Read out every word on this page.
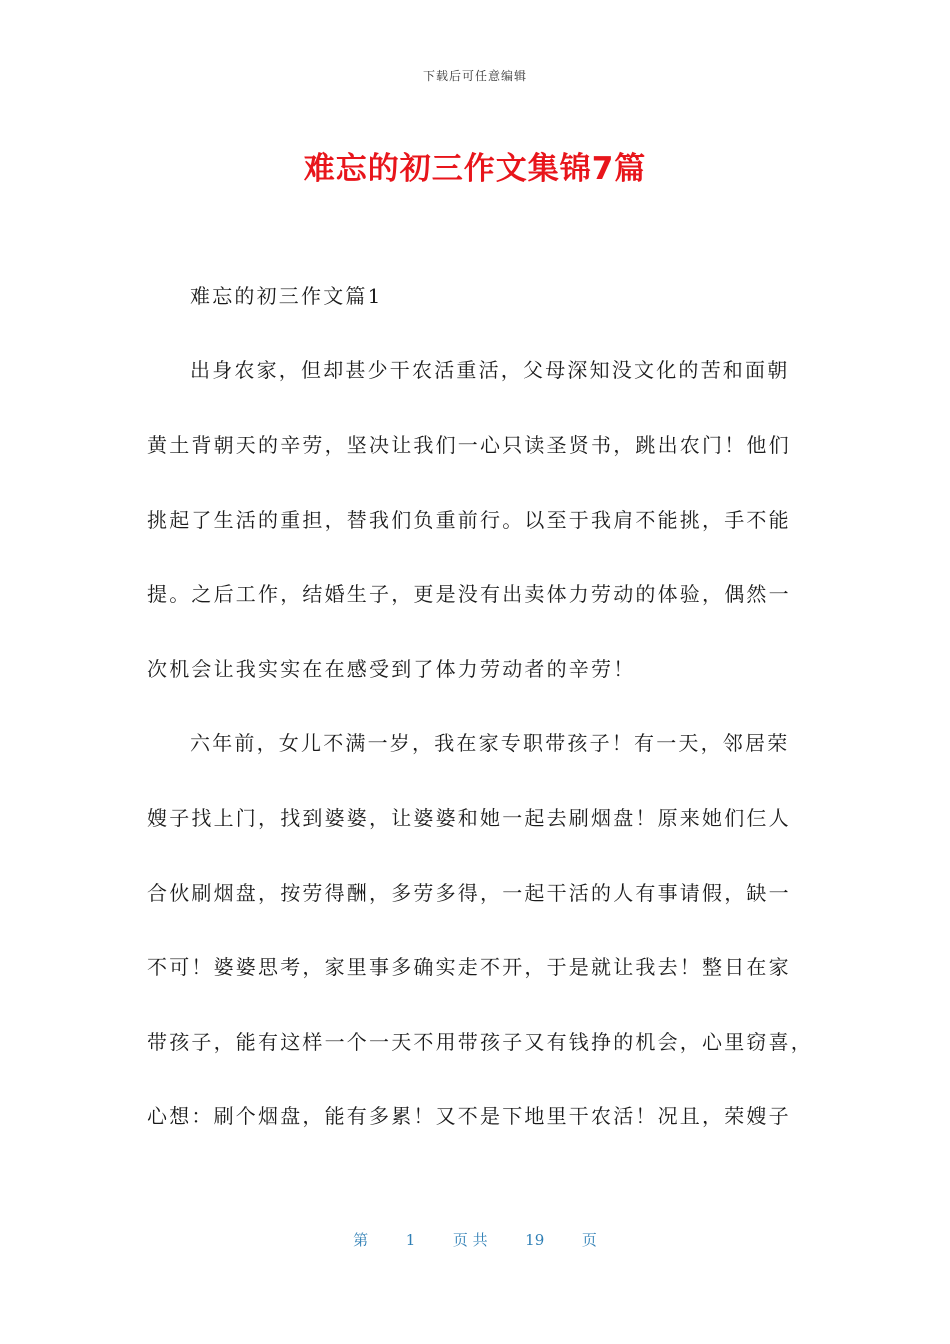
下载后可任意编辑
难忘的初三作文集锦7篇
难忘的初三作文篇1
出身农家，但却甚少干农活重活，父母深知没文化的苦和面朝
黄土背朝天的辛劳，坚决让我们一心只读圣贤书，跳出农门！他们
挑起了生活的重担，替我们负重前行。以至于我肩不能挑，手不能
提。之后工作，结婚生子，更是没有出卖体力劳动的体验，偶然一
次机会让我实实在在感受到了体力劳动者的辛劳！
六年前，女儿不满一岁，我在家专职带孩子！有一天，邻居荣
嫂子找上门，找到婆婆，让婆婆和她一起去刷烟盘！原来她们仨人
合伙刷烟盘，按劳得酬，多劳多得，一起干活的人有事请假，缺一
不可！婆婆思考，家里事多确实走不开，于是就让我去！整日在家
带孩子，能有这样一个一天不用带孩子又有钱挣的机会，心里窃喜，
心想：刷个烟盘，能有多累！又不是下地里干农活！况且，荣嫂子
第	1	页 共	19	页
